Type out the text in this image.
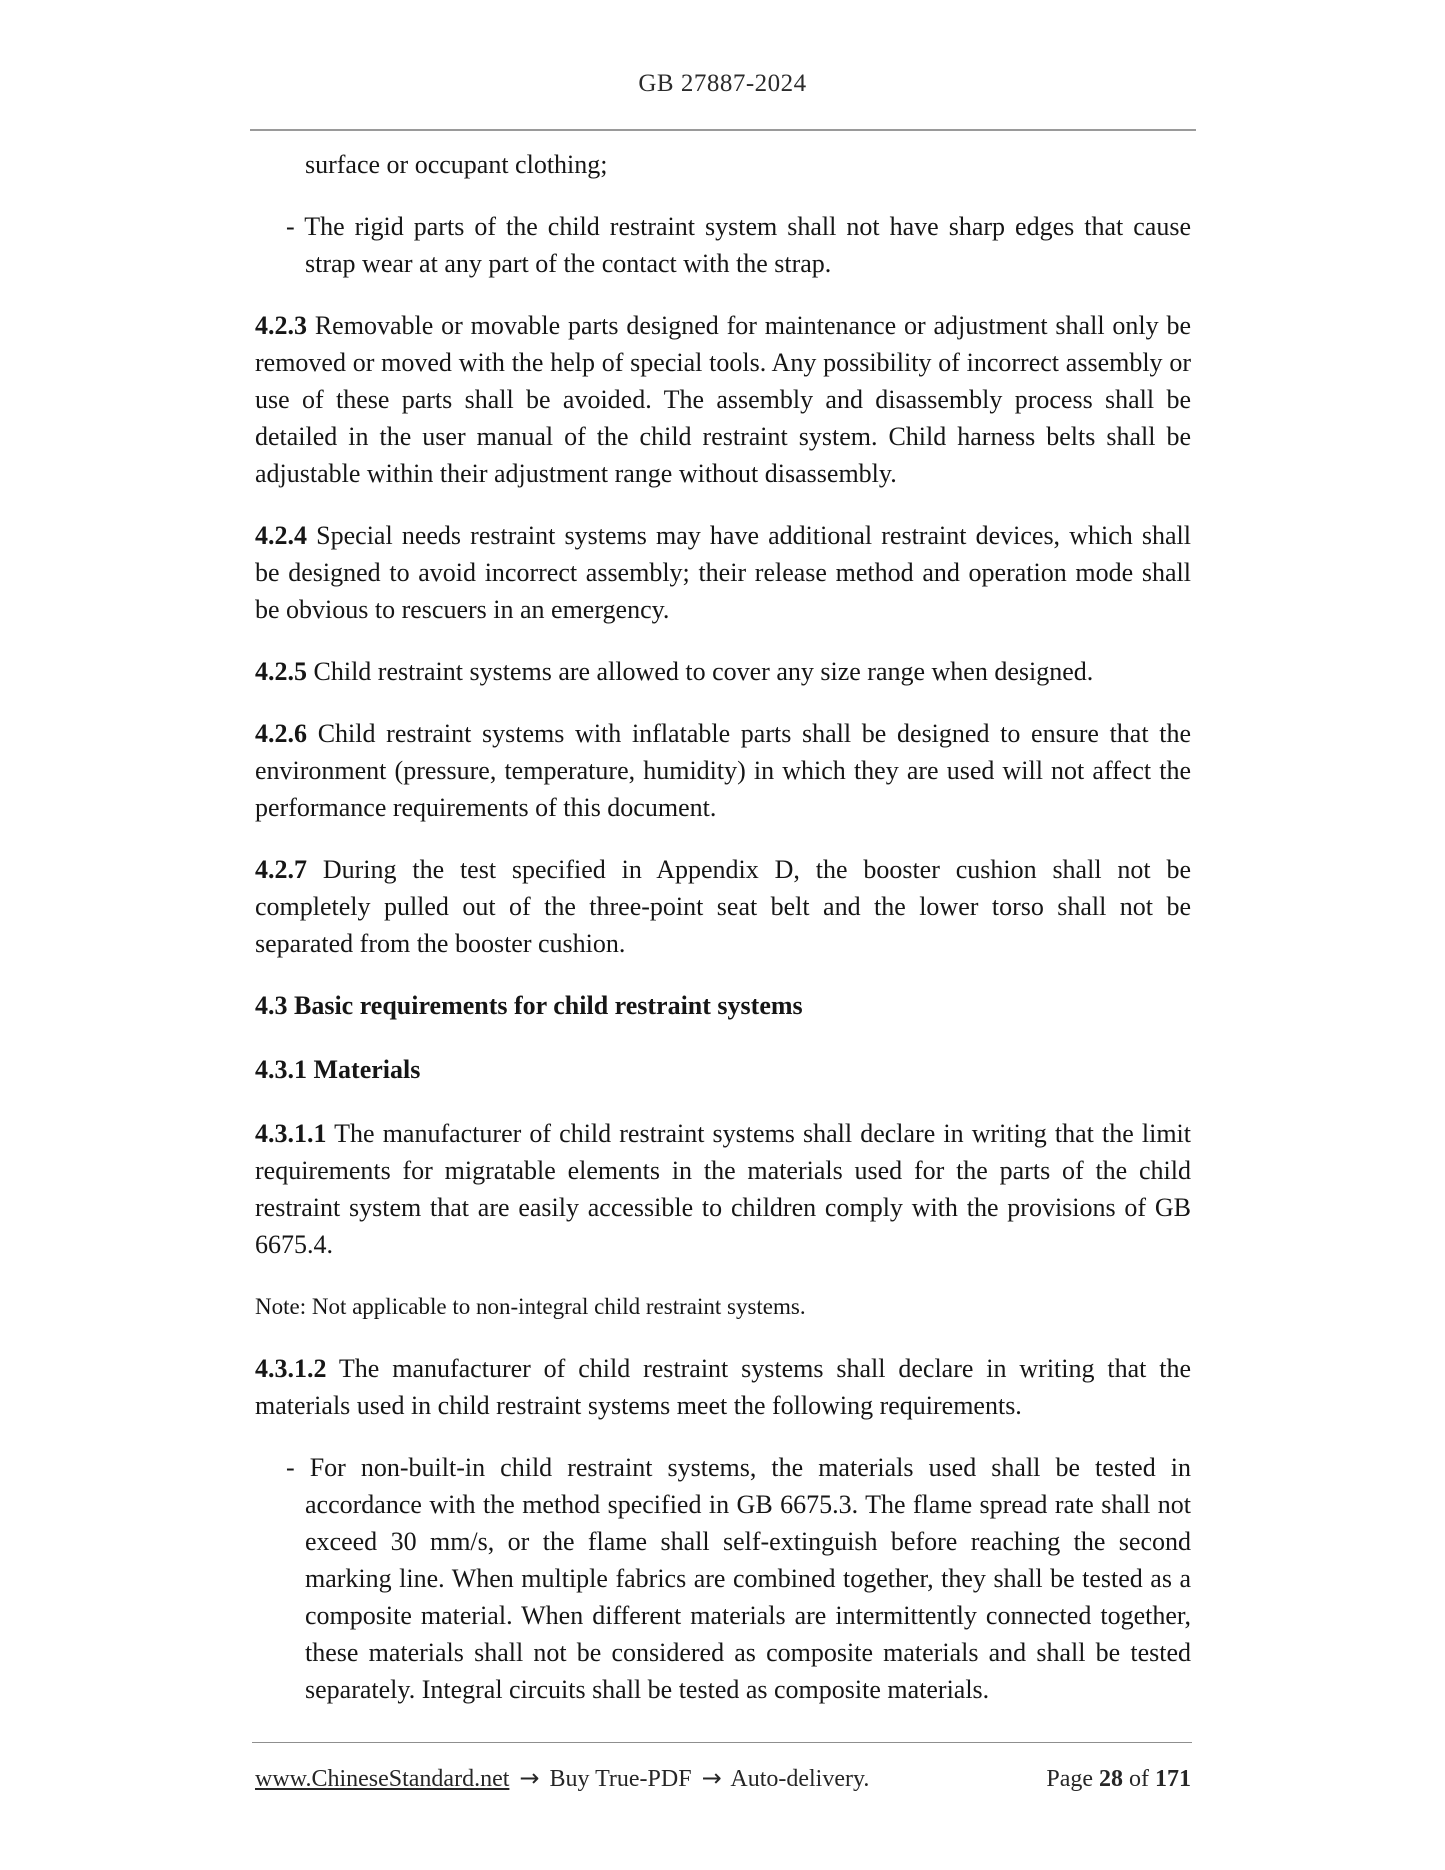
GB 27887-2024

surface or occupant clothing;

- The rigid parts of the child restraint system shall not have sharp edges that cause strap wear at any part of the contact with the strap.

4.2.3 Removable or movable parts designed for maintenance or adjustment shall only be removed or moved with the help of special tools. Any possibility of incorrect assembly or use of these parts shall be avoided. The assembly and disassembly process shall be detailed in the user manual of the child restraint system. Child harness belts shall be adjustable within their adjustment range without disassembly.

4.2.4 Special needs restraint systems may have additional restraint devices, which shall be designed to avoid incorrect assembly; their release method and operation mode shall be obvious to rescuers in an emergency.

4.2.5 Child restraint systems are allowed to cover any size range when designed.

4.2.6 Child restraint systems with inflatable parts shall be designed to ensure that the environment (pressure, temperature, humidity) in which they are used will not affect the performance requirements of this document.

4.2.7 During the test specified in Appendix D, the booster cushion shall not be completely pulled out of the three-point seat belt and the lower torso shall not be separated from the booster cushion.

4.3 Basic requirements for child restraint systems

4.3.1 Materials

4.3.1.1 The manufacturer of child restraint systems shall declare in writing that the limit requirements for migratable elements in the materials used for the parts of the child restraint system that are easily accessible to children comply with the provisions of GB 6675.4.

Note: Not applicable to non-integral child restraint systems.

4.3.1.2 The manufacturer of child restraint systems shall declare in writing that the materials used in child restraint systems meet the following requirements.

- For non-built-in child restraint systems, the materials used shall be tested in accordance with the method specified in GB 6675.3. The flame spread rate shall not exceed 30 mm/s, or the flame shall self-extinguish before reaching the second marking line. When multiple fabrics are combined together, they shall be tested as a composite material. When different materials are intermittently connected together, these materials shall not be considered as composite materials and shall be tested separately. Integral circuits shall be tested as composite materials.

www.ChineseStandard.net → Buy True-PDF → Auto-delivery.	Page 28 of 171
